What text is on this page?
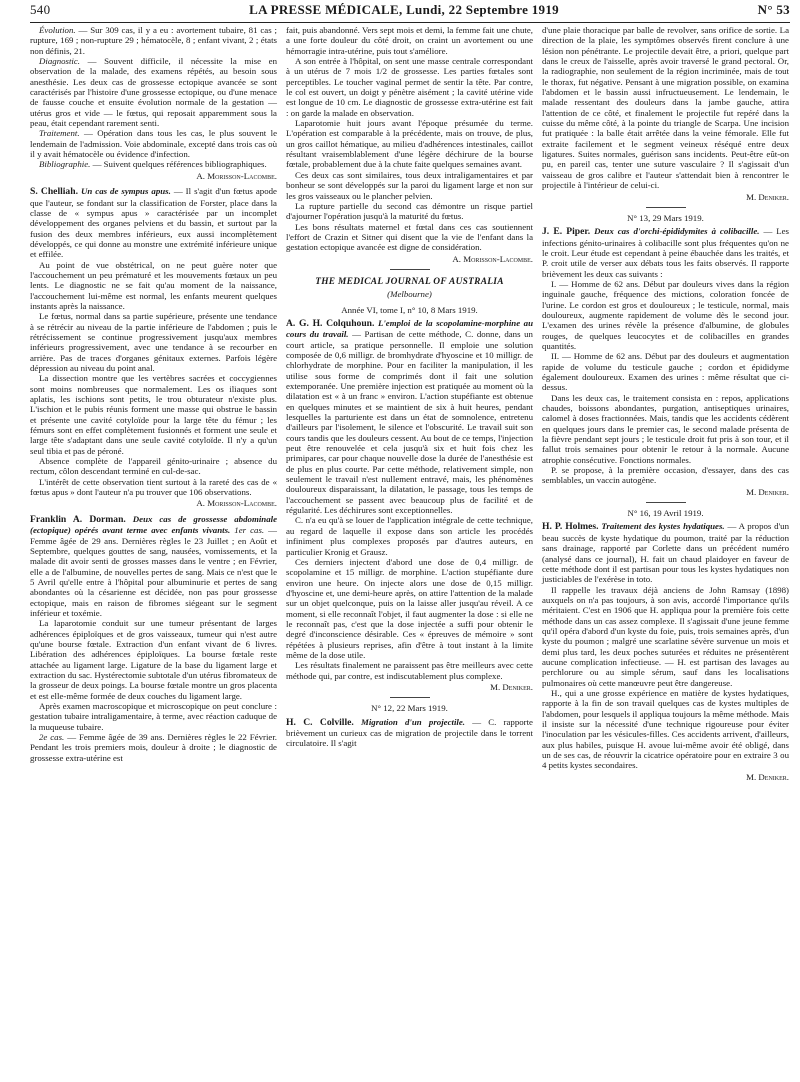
540	LA PRESSE MÉDICALE, Lundi, 22 Septembre 1919	N° 53

Évolution. — Sur 309 cas, il y a eu : avortement tubaire, 81 cas ; rupture, 169 ; non-rupture 29 ; hématocèle, 8 ; enfant vivant, 2 ; états non définis, 21.

Diagnostic. — Souvent difficile, il nécessite la mise en observation de la malade, des examens répétés, au besoin sous anesthésie. Les deux cas de grossesse ectopique avancée se sont caractérisés par l'histoire d'une grossesse ectopique, ou d'une menace de fausse couche et ensuite évolution normale de la gestation — utérus gros et vide — le fœtus, qui reposait apparemment sous la peau, était cependant rarement senti.

Traitement. — Opération dans tous les cas, le plus souvent le lendemain de l'admission. Voie abdominale, excepté dans trois cas où il y avait hématocèle ou évidence d'infection.

Bibliographie. — Suivent quelques références bibliographiques.

A. Morisson-Lacombe.

S. Chelliah. Un cas de sympus apus. — Il s'agit d'un fœtus apode que l'auteur, se fondant sur la classification de Forster, place dans la classe de « sympus apus » caractérisée par un incomplet développement des organes pelviens et du bassin, et surtout par la fusion des deux membres inférieurs, eux aussi incomplètement développés, ce qui donne au monstre une extrémité inférieure unique et effilée.

Au point de vue obstétrical, on ne peut guère noter que l'accouchement un peu prématuré et les mouvements fœtaux un peu lents. Le diagnostic ne se fait qu'au moment de la naissance, l'accouchement lui-même est normal, les enfants meurent quelques instants après la naissance.

Le fœtus, normal dans sa partie supérieure, présente une tendance à se rétrécir au niveau de la partie inférieure de l'abdomen ; puis le rétrécissement se continue progressivement jusqu'aux membres inférieurs progressivement, avec une tendance à se recourber en arrière. Pas de traces d'organes génitaux externes. Parfois légère dépression au niveau du point anal.

La dissection montre que les vertèbres sacrées et coccygiennes sont moins nombreuses que normalement. Les os iliaques sont aplatis, les ischions sont petits, le trou obturateur n'existe plus. L'ischion et le pubis réunis forment une masse qui obstrue le bassin et présente une cavité cotyloïde pour la large tête du fémur ; les fémurs sont en effet complètement fusionnés et forment une seule et large tête s'adaptant dans une seule cavité cotyloïde. Il n'y a qu'un seul tibia et pas de péroné.

Absence complète de l'appareil génito-urinaire ; absence du rectum, côlon descendant terminé en cul-de-sac.

L'intérêt de cette observation tient surtout à la rareté des cas de « fœtus apus » dont l'auteur n'a pu trouver que 106 observations.

A. Morisson-Lacombe.

Franklin A. Dorman. Deux cas de grossesse abdominale (ectopique) opérés avant terme avec enfants vivants. 1er cas. — Femme âgée de 29 ans. Dernières règles le 23 Juillet ; en Août et Septembre, quelques gouttes de sang, nausées, vomissements, et la malade dit avoir senti de grosses masses dans le ventre ; en Février, elle a de l'albumine, de nouvelles pertes de sang. Mais ce n'est que le 5 Avril qu'elle entre à l'hôpital pour albuminurie et pertes de sang abondantes où la césarienne est décidée, non pas pour grossesse ectopique, mais en raison de fibromes siégeant sur le segment inférieur et toxémie.

La laparotomie conduit sur une tumeur présentant de larges adhérences épiploïques et de gros vaisseaux, tumeur qui n'est autre qu'une bourse fœtale. Extraction d'un enfant vivant de 6 livres. Libération des adhérences épiploïques. La bourse fœtale reste attachée au ligament large. Ligature de la base du ligament large et extraction du sac. Hystérectomie subtotale d'un utérus fibromateux de la grosseur de deux poings. La bourse fœtale montre un gros placenta et est elle-même formée de deux couches du ligament large.

Après examen macroscopique et microscopique on peut conclure : gestation tubaire intraligamentaire, à terme, avec réaction caduque de la muqueuse tubaire.

2e cas. — Femme âgée de 39 ans. Dernières règles le 22 Février. Pendant les trois premiers mois, douleur à droite ; le diagnostic de grossesse extra-utérine est

fait, puis abandonné. Vers sept mois et demi, la femme fait une chute, a une forte douleur du côté droit, on craint un avortement ou une hémorragie intra-utérine, puis tout s'améliore.

A son entrée à l'hôpital, on sent une masse centrale correspondant à un utérus de 7 mois 1/2 de grossesse. Les parties fœtales sont perceptibles. Le toucher vaginal permet de sentir la tête. Par contre, le col est ouvert, un doigt y pénètre aisément ; la cavité utérine vide est longue de 10 cm. Le diagnostic de grossesse extra-utérine est fait : on garde la malade en observation.

Laparotomie huit jours avant l'époque présumée du terme. L'opération est comparable à la précédente, mais on trouve, de plus, un gros caillot hématique, au milieu d'adhérences intestinales, caillot résultant vraisemblablement d'une légère déchirure de la bourse fœtale, probablement due à la chute faite quelques semaines avant.

Ces deux cas sont similaires, tous deux intraligamentaires et par bonheur se sont développés sur la paroi du ligament large et non sur les gros vaisseaux ou le plancher pelvien.

La rupture partielle du second cas démontre un risque partiel d'ajourner l'opération jusqu'à la maturité du fœtus.

Les bons résultats maternel et fœtal dans ces cas soutiennent l'effort de Crazin et Sitner qui disent que la vie de l'enfant dans la gestation ectopique avancée est digne de considération.

A. Morisson-Lacombe.
THE MEDICAL JOURNAL OF AUSTRALIA
(Melbourne)
Année VI, tome I, n° 10, 8 Mars 1919.

A. G. H. Colquhoun. L'emploi de la scopolamine-morphine au cours du travail. — Partisan de cette méthode, C. donne, dans un court article, sa pratique personnelle. Il emploie une solution composée de 0,6 milligr. de bromhydrate d'hyoscine et 10 milligr. de chlorhydrate de morphine. Pour en faciliter la manipulation, il les utilise sous forme de comprimés dont il fait une solution extemporanée. Une première injection est pratiquée au moment où la dilatation est « à un franc » environ. L'action stupéfiante est obtenue en quelques minutes et se maintient de six à huit heures, pendant lesquelles la parturiente est dans un état de somnolence, entretenu d'ailleurs par l'isolement, le silence et l'obscurité. Le travail suit son cours tandis que les douleurs cessent. Au bout de ce temps, l'injection peut être renouvelée et cela jusqu'à six et huit fois chez les primipares, car pour chaque nouvelle dose la durée de l'anesthésie est de plus en plus courte. Par cette méthode, relativement simple, non seulement le travail n'est nullement entravé, mais, les phénomènes douloureux disparaissant, la dilatation, le passage, tous les temps de l'accouchement se passent avec beaucoup plus de facilité et de régularité. Les déchirures sont exceptionnelles.

C. n'a eu qu'à se louer de l'application intégrale de cette technique, au regard de laquelle il expose dans son article les procédés infiniment plus complexes proposés par d'autres auteurs, en particulier Kronig et Grausz.

Ces derniers injectent d'abord une dose de 0,4 milligr. de scopolamine et 15 milligr. de morphine. L'action stupéfiante dure environ une heure. On injecte alors une dose de 0,15 milligr. d'hyoscine et, une demi-heure après, on attire l'attention de la malade sur un objet quelconque, puis on la laisse aller jusqu'au réveil. A ce moment, si elle reconnaît l'objet, il faut augmenter la dose : si elle ne le reconnaît pas, c'est que la dose injectée a suffi pour obtenir le degré d'inconscience désirable. Ces « épreuves de mémoire » sont répétées à plusieurs reprises, afin d'être à tout instant à la limite même de la dose utile.

Les résultats finalement ne paraissent pas être meilleurs avec cette méthode qui, par contre, est indiscutablement plus complexe.

M. Deniker.
N° 12, 22 Mars 1919.

H. C. Colville. Migration d'un projectile. — C. rapporte brièvement un curieux cas de migration de projectile dans le torrent circulatoire. Il s'agit

d'une plaie thoracique par balle de revolver, sans orifice de sortie. La direction de la plaie, les symptômes observés firent conclure à une lésion non pénétrante. Le projectile devait être, a priori, quelque part dans le creux de l'aisselle, après avoir traversé le grand pectoral. Or, la radiographie, non seulement de la région incriminée, mais de tout le thorax, fut négative. Pensant à une migration possible, on examina l'abdomen et le bassin aussi infructueusement. Le lendemain, le malade ressentant des douleurs dans la jambe gauche, attira l'attention de ce côté, et finalement le projectile fut repéré dans la cuisse du même côté, à la pointe du triangle de Scarpa. Une incision fut pratiquée : la balle était arrêtée dans la veine fémorale. Elle fut extraite facilement et le segment veineux réséqué entre deux ligatures. Suites normales, guérison sans incidents. Peut-être eût-on pu, en pareil cas, tenter une suture vasculaire ? Il s'agissait d'un vaisseau de gros calibre et l'auteur s'attendait bien à rencontrer le projectile à l'intérieur de celui-ci.

M. Deniker.
N° 13, 29 Mars 1919.

J. E. Piper. Deux cas d'orchi-épididymites à colibacille. — Les infections génito-urinaires à colibacille sont plus fréquentes qu'on ne le croit. Leur étude est cependant à peine ébauchée dans les traités, et P. croit utile de verser aux débats tous les faits observés. Il rapporte brièvement les deux cas suivants :

I. — Homme de 62 ans. Début par douleurs vives dans la région inguinale gauche, fréquence des mictions, coloration foncée de l'urine. Le cordon est gros et douloureux ; le testicule, normal, mais douloureux, augmente rapidement de volume dès le second jour. L'examen des urines révèle la présence d'albumine, de globules rouges, de quelques leucocytes et de colibacilles en grandes quantités.

II. — Homme de 62 ans. Début par des douleurs et augmentation rapide de volume du testicule gauche ; cordon et épididyme également douloureux. Examen des urines : même résultat que ci-dessus.

Dans les deux cas, le traitement consista en : repos, applications chaudes, boissons abondantes, purgation, antiseptiques urinaires, calomel à doses fractionnées. Mais, tandis que les accidents cédèrent en quelques jours dans le premier cas, le second malade présenta de la fièvre pendant sept jours ; le testicule droit fut pris à son tour, et il fallut trois semaines pour obtenir le retour à la normale. Aucune atrophie consécutive. Fonctions normales.

P. se propose, à la première occasion, d'essayer, dans des cas semblables, un vaccin autogène.

M. Deniker.
N° 16, 19 Avril 1919.

H. P. Holmes. Traitement des kystes hydatiques. — A propos d'un beau succès de kyste hydatique du poumon, traité par la réduction sans drainage, rapporté par Corlette dans un précédent numéro (analysé dans ce journal), H. fait un chaud plaidoyer en faveur de cette méthode dont il est partisan pour tous les kystes hydatiques non justiciables de l'exérèse in toto.

Il rappelle les travaux déjà anciens de John Ramsay (1898) auxquels on n'a pas toujours, à son avis, accordé l'importance qu'ils méritaient. C'est en 1906 que H. appliqua pour la première fois cette méthode dans un cas assez complexe. Il s'agissait d'une jeune femme qu'il opéra d'abord d'un kyste du foie, puis, trois semaines après, d'un kyste du poumon ; malgré une scarlatine sévère survenue un mois et demi plus tard, les deux poches suturées et réduites ne présentèrent aucune complication infectieuse. — H. est partisan des lavages au perchlorure ou au simple sérum, sauf dans les localisations pulmonaires où cette manœuvre peut être dangereuse.

H., qui a une grosse expérience en matière de kystes hydatiques, rapporte à la fin de son travail quelques cas de kystes multiples de l'abdomen, pour lesquels il appliqua toujours la même méthode. Mais il insiste sur la nécessité d'une technique rigoureuse pour éviter l'inoculation par les vésicules-filles. Ces accidents arrivent, d'ailleurs, aux plus habiles, puisque H. avoue lui-même avoir été obligé, dans un de ses cas, de réouvrir la cicatrice opératoire pour en extraire 3 ou 4 petits kystes secondaires.

M. Deniker.
